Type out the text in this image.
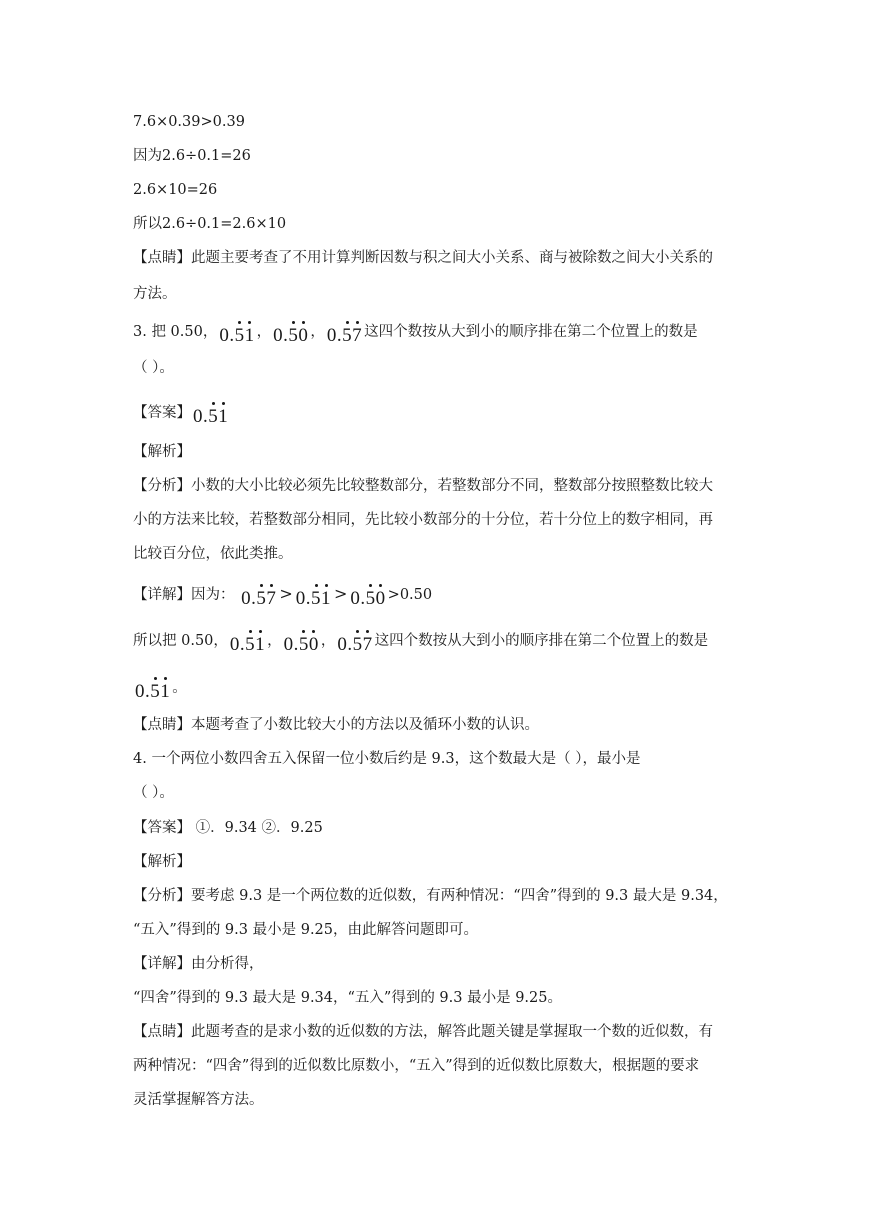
7.6×0.39>0.39
因为2.6÷0.1=26
2.6×10=26
所以2.6÷0.1=2.6×10
【点睛】此题主要考查了不用计算判断因数与积之间大小关系、商与被除数之间大小关系的
方法。
3. 把 0.50， 0.51 ， 0.50 ， 0.57 这四个数按从大到小的顺序排在第二个位置上的数是
（ ）。
【答案】 0.51
【解析】
【分析】小数的大小比较必须先比较整数部分，若整数部分不同，整数部分按照整数比较大
小的方法来比较，若整数部分相同，先比较小数部分的十分位，若十分位上的数字相同，再
比较百分位，依此类推。
【详解】因为： 0.57 > 0.51 > 0.50 >0.50
所以把 0.50， 0.51 ， 0.50 ， 0.57 这四个数按从大到小的顺序排在第二个位置上的数是
0.51 。
【点睛】本题考查了小数比较大小的方法以及循环小数的认识。
4. 一个两位小数四舍五入保留一位小数后约是 9.3，这个数最大是（ ），最小是
（ ）。
【答案】 ①．9.34 ②．9.25
【解析】
【分析】要考虑 9.3 是一个两位数的近似数，有两种情况：“四舍”得到的 9.3 最大是 9.34，
“五入”得到的 9.3 最小是 9.25，由此解答问题即可。
【详解】由分析得，
“四舍”得到的 9.3 最大是 9.34，“五入”得到的 9.3 最小是 9.25。
【点睛】此题考查的是求小数的近似数的方法，解答此题关键是掌握取一个数的近似数，有
两种情况：“四舍”得到的近似数比原数小，“五入”得到的近似数比原数大，根据题的要求
灵活掌握解答方法。
